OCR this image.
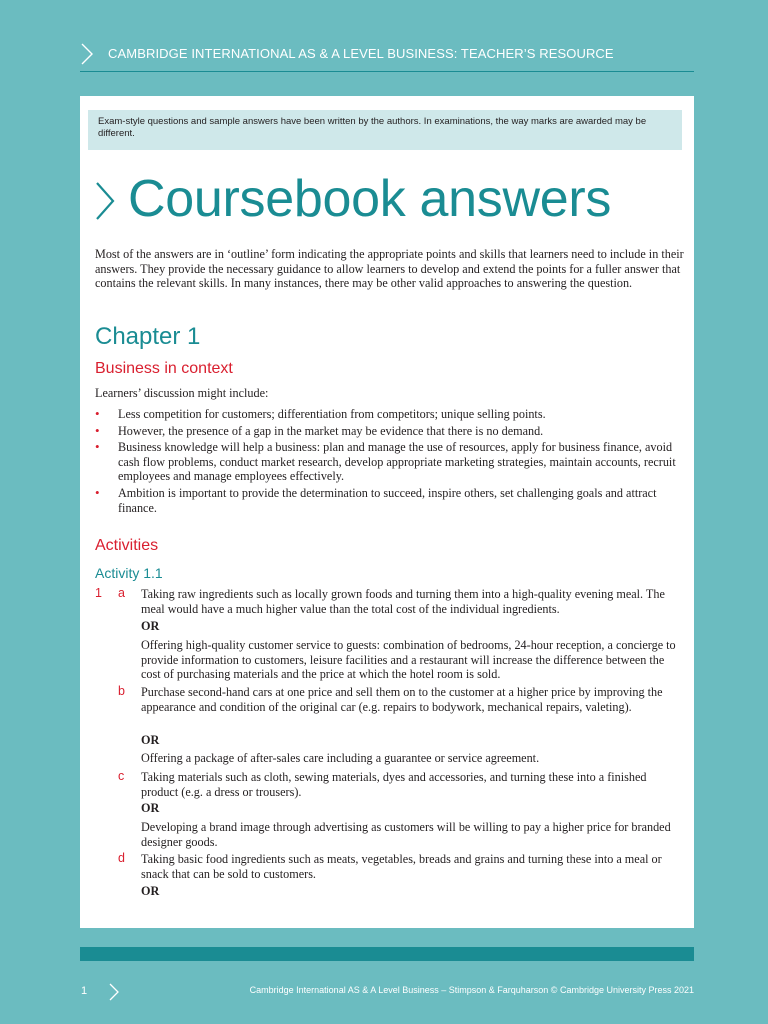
CAMBRIDGE INTERNATIONAL AS & A LEVEL BUSINESS: TEACHER’S RESOURCE
Exam-style questions and sample answers have been written by the authors. In examinations, the way marks are awarded may be different.
Coursebook answers
Most of the answers are in ‘outline’ form indicating the appropriate points and skills that learners need to include in their answers. They provide the necessary guidance to allow learners to develop and extend the points for a fuller answer that contains the relevant skills. In many instances, there may be other valid approaches to answering the question.
Chapter 1
Business in context
Learners’ discussion might include:
• Less competition for customers; differentiation from competitors; unique selling points.
• However, the presence of a gap in the market may be evidence that there is no demand.
• Business knowledge will help a business: plan and manage the use of resources, apply for business finance, avoid cash flow problems, conduct market research, develop appropriate marketing strategies, maintain accounts, recruit employees and manage employees effectively.
• Ambition is important to provide the determination to succeed, inspire others, set challenging goals and attract finance.
Activities
Activity 1.1
1 a Taking raw ingredients such as locally grown foods and turning them into a high-quality evening meal. The meal would have a much higher value than the total cost of the individual ingredients.
OR
Offering high-quality customer service to guests: combination of bedrooms, 24-hour reception, a concierge to provide information to customers, leisure facilities and a restaurant will increase the difference between the cost of purchasing materials and the price at which the hotel room is sold.
b Purchase second-hand cars at one price and sell them on to the customer at a higher price by improving the appearance and condition of the original car (e.g. repairs to bodywork, mechanical repairs, valeting).
OR
Offering a package of after-sales care including a guarantee or service agreement.
c Taking materials such as cloth, sewing materials, dyes and accessories, and turning these into a finished product (e.g. a dress or trousers).
OR
Developing a brand image through advertising as customers will be willing to pay a higher price for branded designer goods.
d Taking basic food ingredients such as meats, vegetables, breads and grains and turning these into a meal or snack that can be sold to customers.
OR
1	Cambridge International AS & A Level Business – Stimpson & Farquharson © Cambridge University Press 2021
